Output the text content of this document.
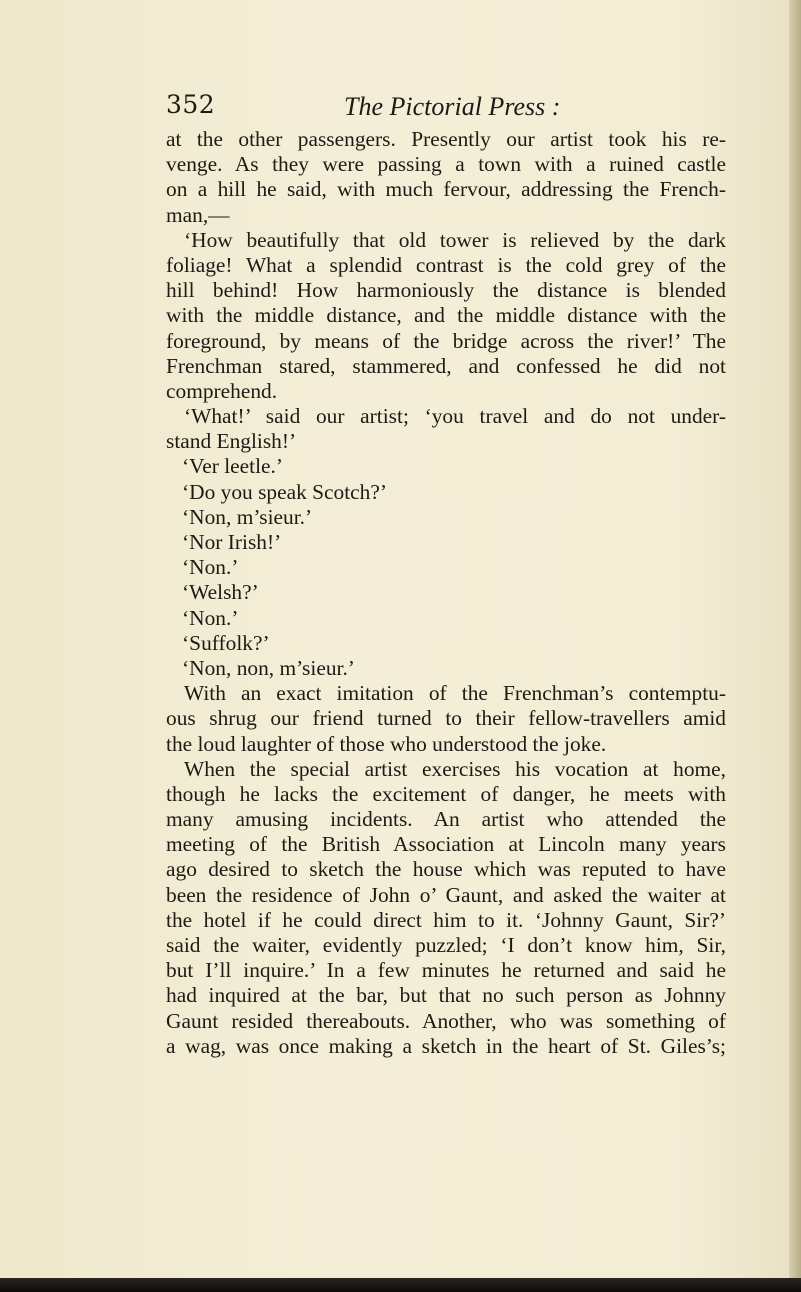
352	The Pictorial Press :
at the other passengers. Presently our artist took his re-
venge. As they were passing a town with a ruined castle
on a hill he said, with much fervour, addressing the French-
man,—
‘How beautifully that old tower is relieved by the dark
foliage! What a splendid contrast is the cold grey of the
hill behind! How harmoniously the distance is blended
with the middle distance, and the middle distance with the
foreground, by means of the bridge across the river!’ The
Frenchman stared, stammered, and confessed he did not
comprehend.
‘What!’ said our artist; ‘you travel and do not under-
stand English!’
‘Ver leetle.’
‘Do you speak Scotch?’
‘Non, m’sieur.’
‘Nor Irish!’
‘Non.’
‘Welsh?’
‘Non.’
‘Suffolk?’
‘Non, non, m’sieur.’
With an exact imitation of the Frenchman’s contemptu-
ous shrug our friend turned to their fellow-travellers amid
the loud laughter of those who understood the joke.
When the special artist exercises his vocation at home,
though he lacks the excitement of danger, he meets with
many amusing incidents. An artist who attended the
meeting of the British Association at Lincoln many years
ago desired to sketch the house which was reputed to have
been the residence of John o’ Gaunt, and asked the waiter at
the hotel if he could direct him to it. ‘Johnny Gaunt, Sir?’
said the waiter, evidently puzzled; ‘I don’t know him, Sir,
but I’ll inquire.’ In a few minutes he returned and said he
had inquired at the bar, but that no such person as Johnny
Gaunt resided thereabouts. Another, who was something of
a wag, was once making a sketch in the heart of St. Giles’s;
